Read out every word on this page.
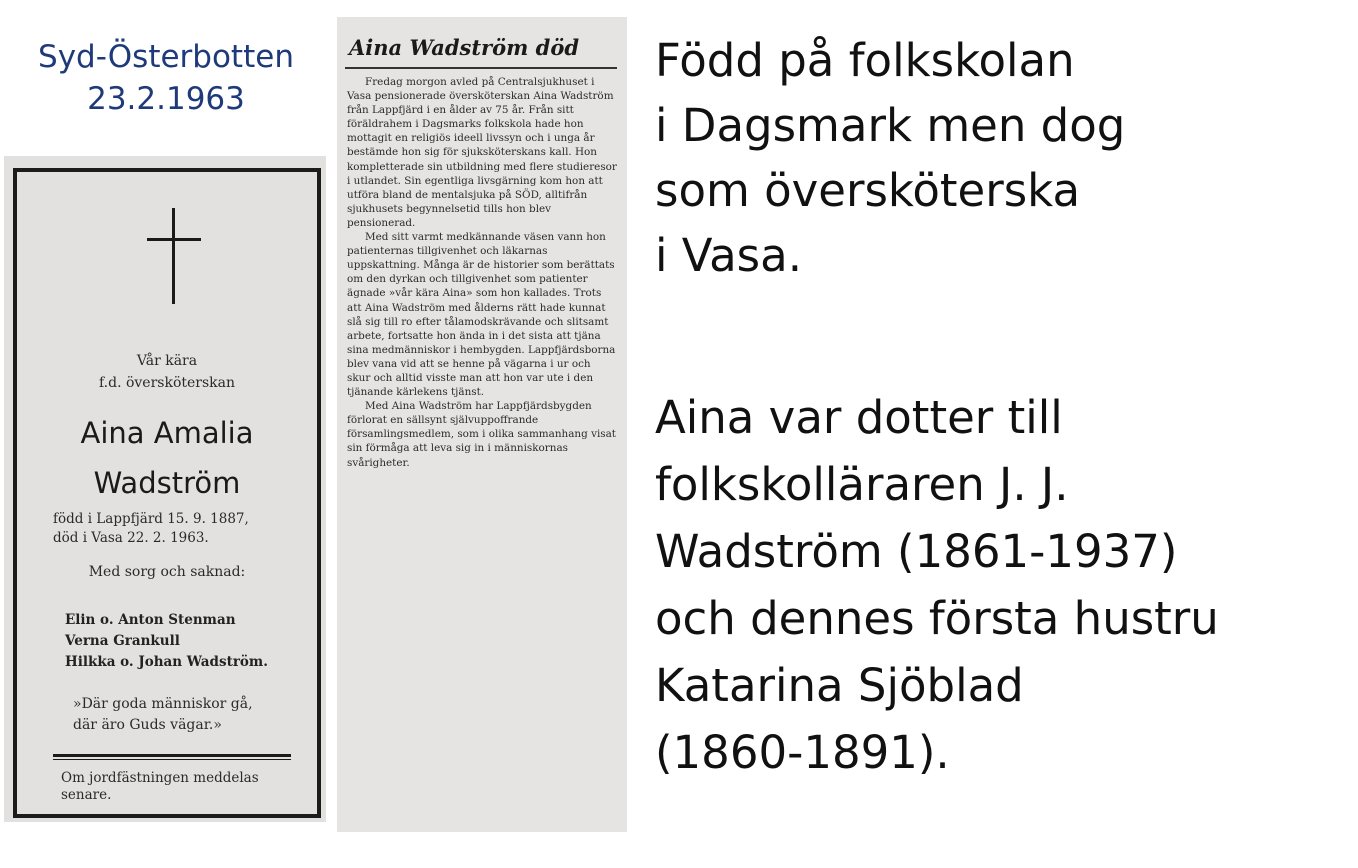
Syd-Österbotten
23.2.1963
Vår kära
f.d. översköterskan
Aina Amalia
Wadström
född i Lappfjärd 15. 9. 1887,
död i Vasa 22. 2. 1963.
Med sorg och saknad:
Elin o. Anton Stenman
Verna Grankull
Hilkka o. Johan Wadström.
»Där goda människor gå,
där äro Guds vägar.»
Om jordfästningen meddelas
senare.
Aina Wadström död

Fredag morgon avled på Centralsjukhuset i Vasa pensionerade översköterskan Aina Wadström från Lappfjärd i en ålder av 75 år. Från sitt föräldrahem i Dagsmarks folkskola hade hon mottagit en religiös ideell livssyn och i unga år bestämde hon sig för sjuksköterskans kall. Hon kompletterade sin utbildning med flere studieresor i utlandet. Sin egentliga livsgärning kom hon att utföra bland de mentalsjuka på SÖD, alltifrån sjukhusets begynnelsetid tills hon blev pensionerad.

Med sitt varmt medkännande väsen vann hon patienternas tillgivenhet och läkarnas uppskattning. Många är de historier som berättats om den dyrkan och tillgivenhet som patienter ägnade »vår kära Aina» som hon kallades. Trots att Aina Wadström med ålderns rätt hade kunnat slå sig till ro efter tålamodskrävande och slitsamt arbete, fortsatte hon ända in i det sista att tjäna sina medmänniskor i hembygden. Lappfjärdsborna blev vana vid att se henne på vägarna i ur och skur och alltid visste man att hon var ute i den tjänande kärlekens tjänst.

Med Aina Wadström har Lappfjärdsbygden förlorat en sällsynt självuppoffrande församlingsmedlem, som i olika sammanhang visat sin förmåga att leva sig in i människornas svårigheter.

Född på folkskolan
i Dagsmark men dog
som översköterska
i Vasa.
Aina var dotter till
folkskolläraren J. J.
Wadström (1861-1937)
och dennes första hustru
Katarina Sjöblad
(1860-1891).
